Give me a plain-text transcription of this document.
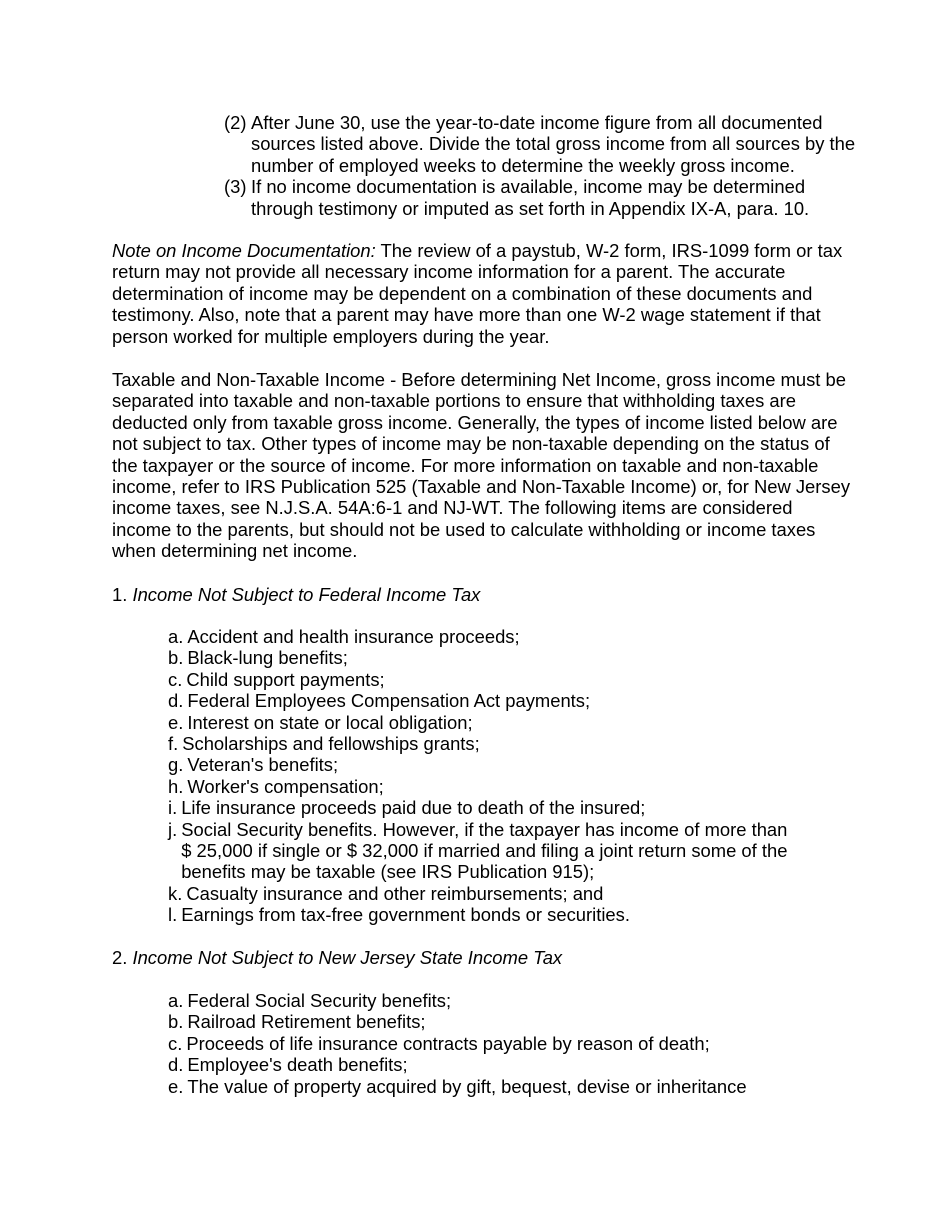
(2) After June 30, use the year-to-date income figure from all documented sources listed above. Divide the total gross income from all sources by the number of employed weeks to determine the weekly gross income.
(3) If no income documentation is available, income may be determined through testimony or imputed as set forth in Appendix IX-A, para. 10.
Note on Income Documentation: The review of a paystub, W-2 form, IRS-1099 form or tax return may not provide all necessary income information for a parent. The accurate determination of income may be dependent on a combination of these documents and testimony. Also, note that a parent may have more than one W-2 wage statement if that person worked for multiple employers during the year.
Taxable and Non-Taxable Income - Before determining Net Income, gross income must be separated into taxable and non-taxable portions to ensure that withholding taxes are deducted only from taxable gross income. Generally, the types of income listed below are not subject to tax. Other types of income may be non-taxable depending on the status of the taxpayer or the source of income. For more information on taxable and non-taxable income, refer to IRS Publication 525 (Taxable and Non-Taxable Income) or, for New Jersey income taxes, see N.J.S.A. 54A:6-1 and NJ-WT. The following items are considered income to the parents, but should not be used to calculate withholding or income taxes when determining net income.
1. Income Not Subject to Federal Income Tax
a. Accident and health insurance proceeds;
b. Black-lung benefits;
c. Child support payments;
d. Federal Employees Compensation Act payments;
e. Interest on state or local obligation;
f. Scholarships and fellowships grants;
g. Veteran's benefits;
h. Worker's compensation;
i. Life insurance proceeds paid due to death of the insured;
j. Social Security benefits. However, if the taxpayer has income of more than $ 25,000 if single or $ 32,000 if married and filing a joint return some of the benefits may be taxable (see IRS Publication 915);
k. Casualty insurance and other reimbursements; and
l. Earnings from tax-free government bonds or securities.
2. Income Not Subject to New Jersey State Income Tax
a. Federal Social Security benefits;
b. Railroad Retirement benefits;
c. Proceeds of life insurance contracts payable by reason of death;
d. Employee's death benefits;
e. The value of property acquired by gift, bequest, devise or inheritance
